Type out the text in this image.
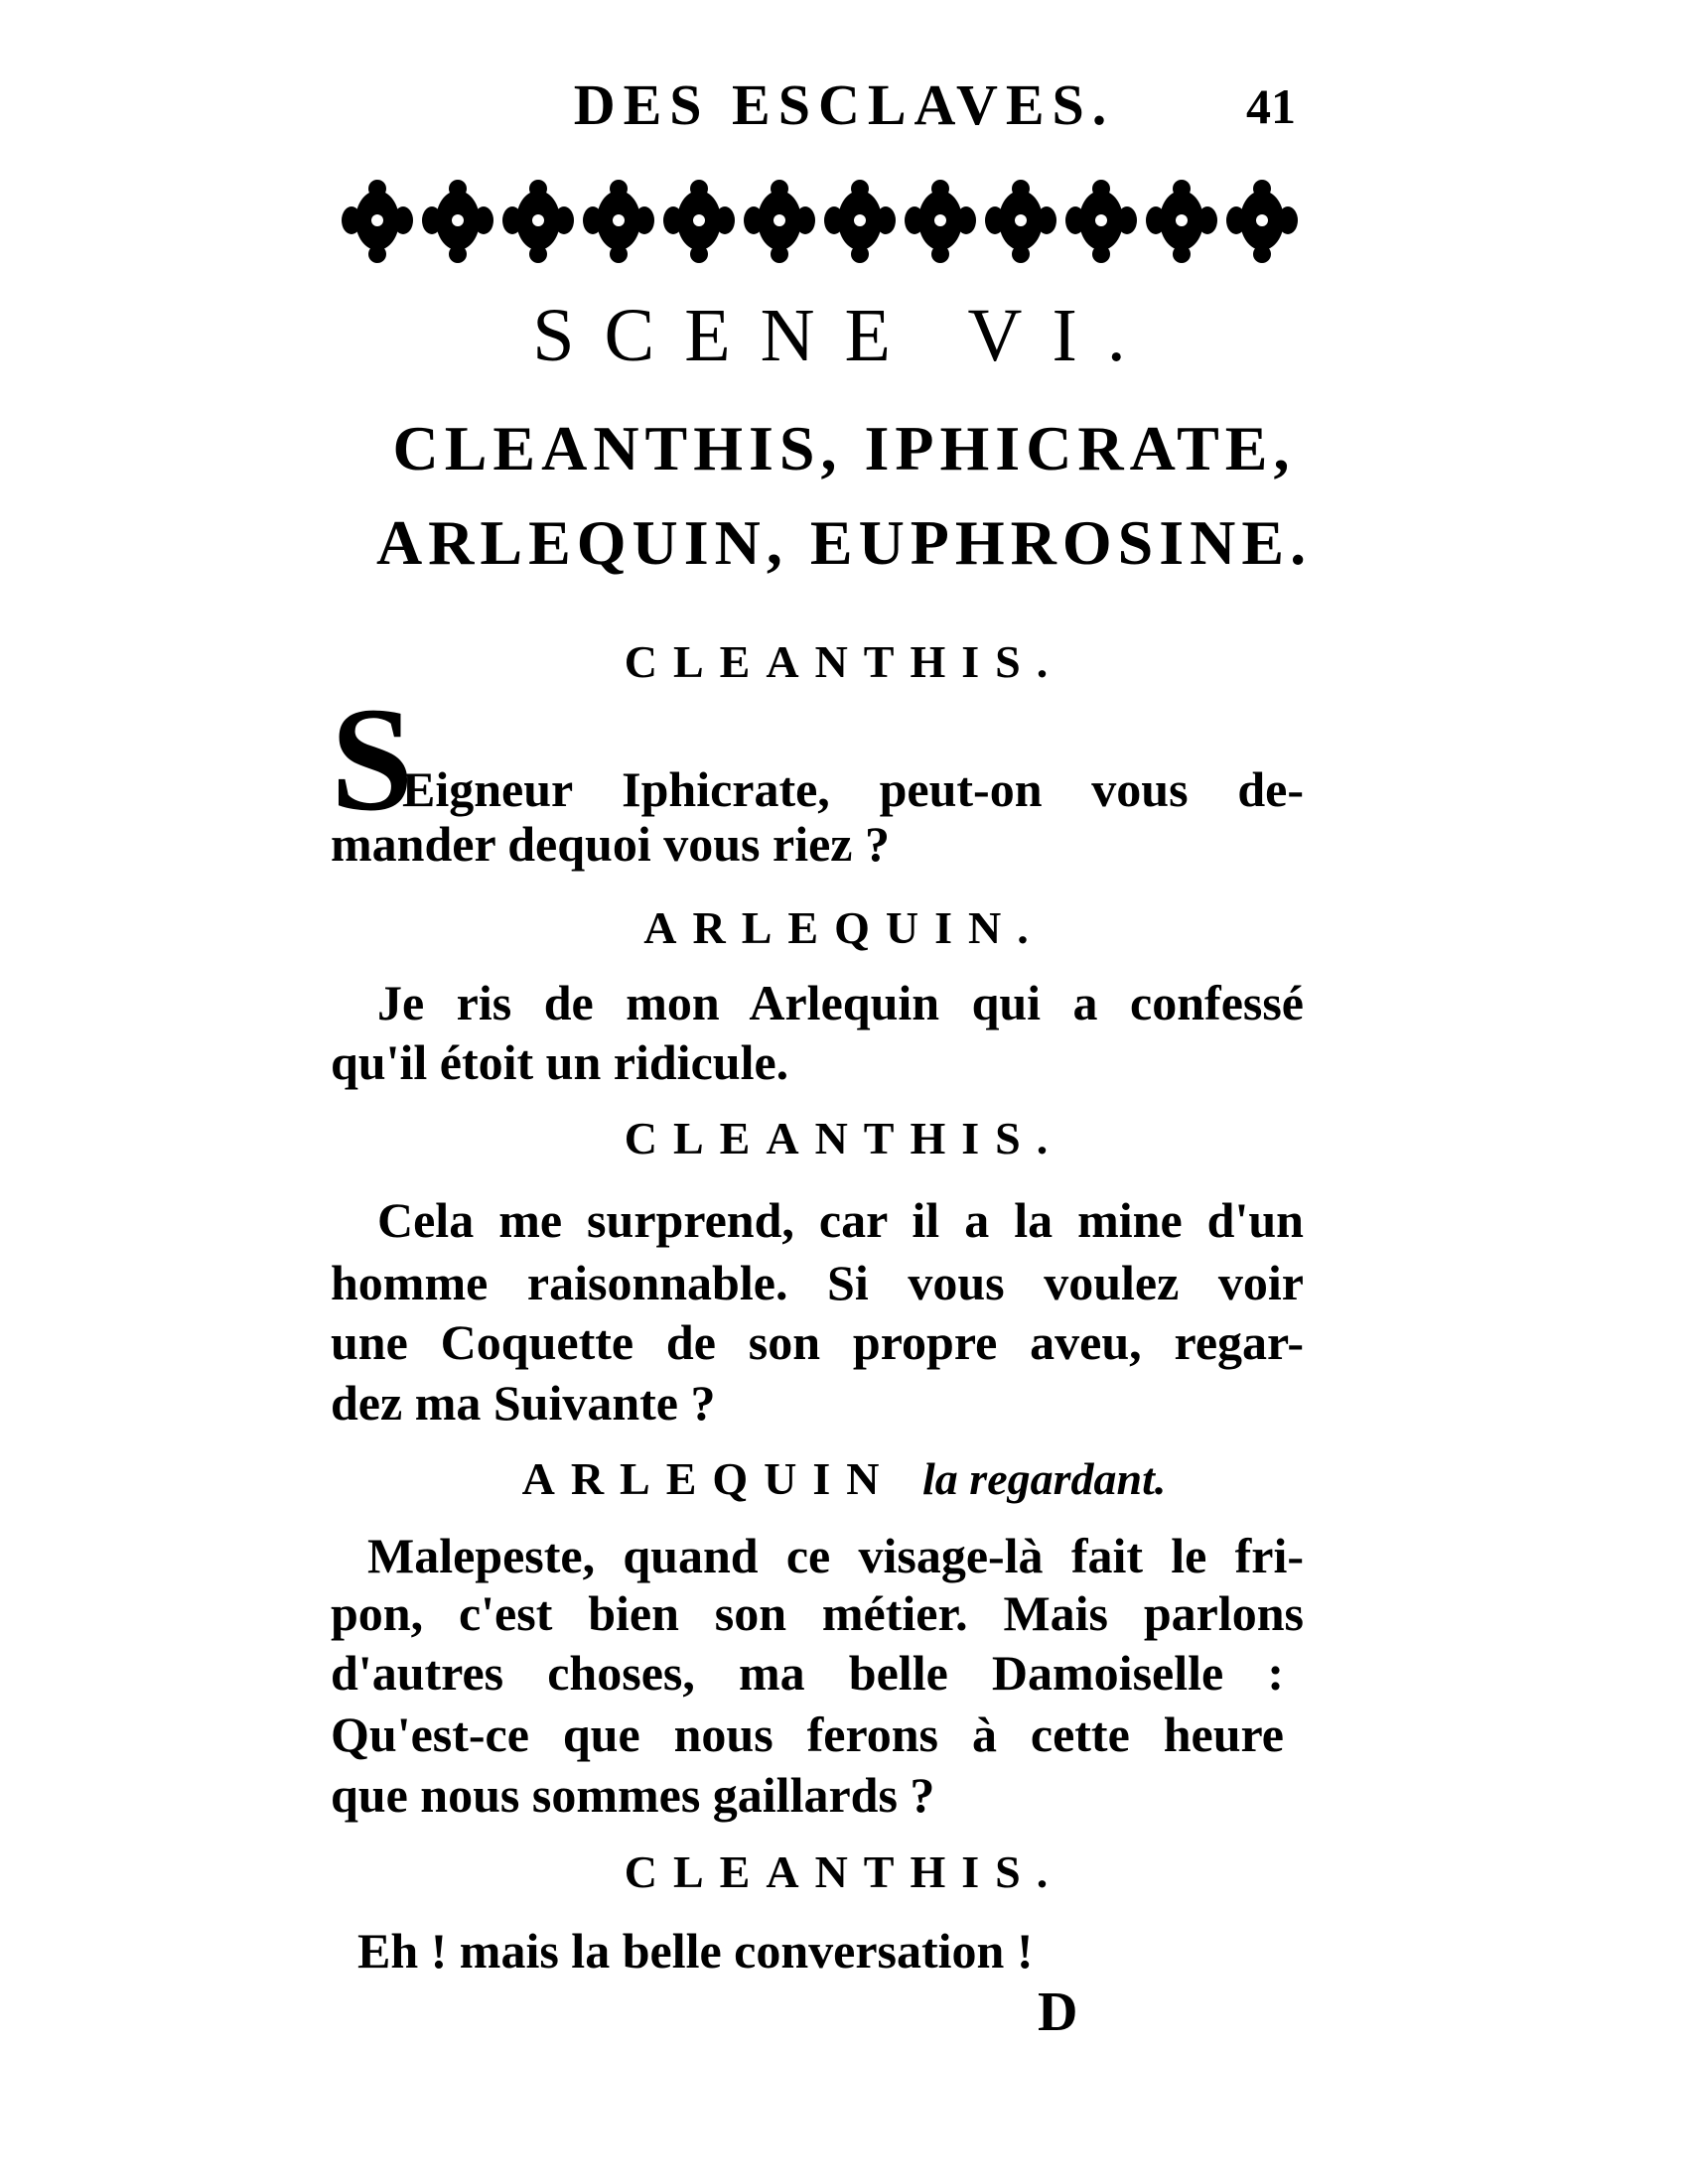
DES ESCLAVES.	41
SCENE VI.
CLEANTHIS, IPHICRATE,
ARLEQUIN, EUPHROSINE.
CLEANTHIS.
S
Eigneur Iphicrate, peut-on vous de-
mander dequoi vous riez ?
ARLEQUIN.
Je ris de mon Arlequin qui a confessé
qu'il étoit un ridicule.
CLEANTHIS.
Cela me surprend, car il a la mine d'un
homme raisonnable. Si vous voulez voir
une Coquette de son propre aveu, regar-
dez ma Suivante ?
ARLEQUIN la regardant.
Malepeste, quand ce visage-là fait le fri-
pon, c'est bien son métier. Mais parlons
d'autres choses, ma belle Damoiselle :
Qu'est-ce que nous ferons à cette heure
que nous sommes gaillards ?
CLEANTHIS.
Eh ! mais la belle conversation !
D
